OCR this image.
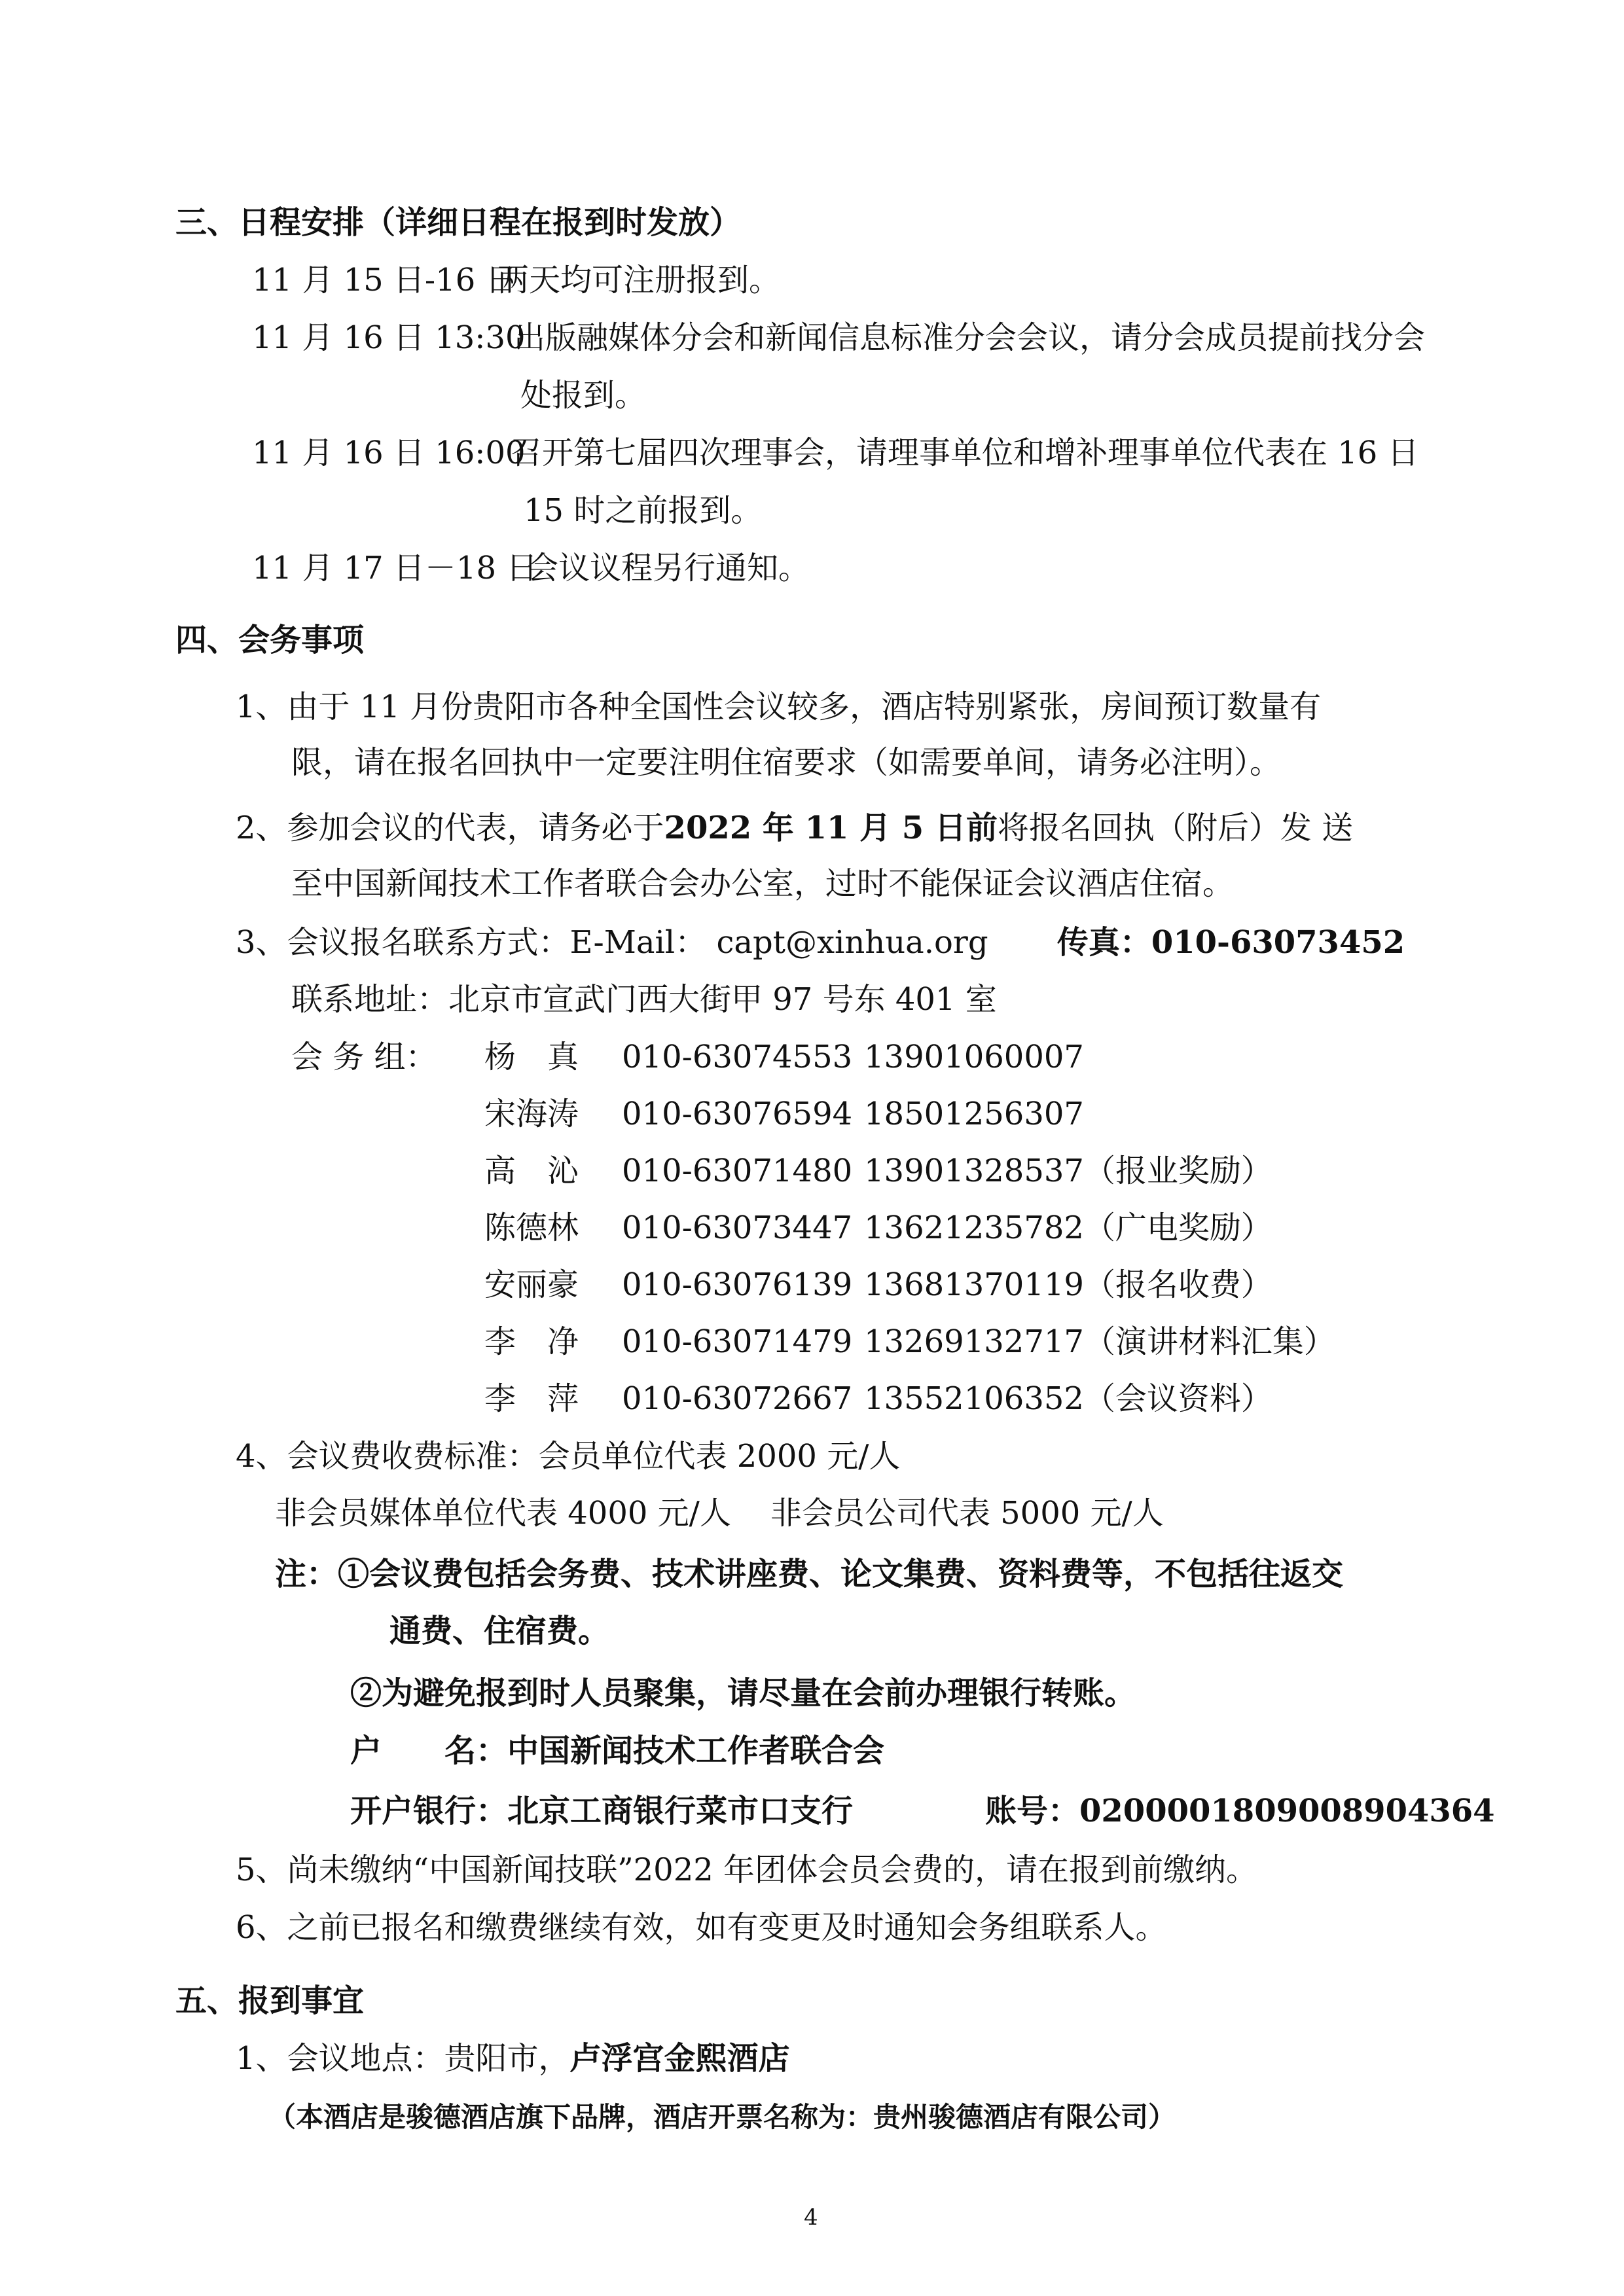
三、日程安排（详细日程在报到时发放）
11 月 15 日-16 日两天均可注册报到。
11 月 16 日 13:30出版融媒体分会和新闻信息标准分会会议，请分会成员提前找分会
处报到。
11 月 16 日 16:00召开第七届四次理事会，请理事单位和增补理事单位代表在 16 日
15 时之前报到。
11 月 17 日－18 日会议议程另行通知。
四、会务事项
1、由于 11 月份贵阳市各种全国性会议较多，酒店特别紧张，房间预订数量有
限，请在报名回执中一定要注明住宿要求（如需要单间，请务必注明）。
2、参加会议的代表，请务必于2022 年 11 月 5 日前将报名回执（附后）发 送
至中国新闻技术工作者联合会办公室，过时不能保证会议酒店住宿。
3、会议报名联系方式：E-Mail： capt@xinhua.org 传真：010-63073452
联系地址：北京市宣武门西大街甲 97 号东 401 室
会 务 组： 杨　真 010-63074553 13901060007
宋海涛 010-63076594 18501256307
高　沁 010-63071480 13901328537（报业奖励）
陈德林 010-63073447 13621235782（广电奖励）
安丽豪 010-63076139 13681370119（报名收费）
李　净 010-63071479 13269132717（演讲材料汇集）
李　萍 010-63072667 13552106352（会议资料）
4、会议费收费标准：会员单位代表 2000 元/人
非会员媒体单位代表 4000 元/人 非会员公司代表 5000 元/人
注：①会议费包括会务费、技术讲座费、论文集费、资料费等，不包括往返交
通费、住宿费。
②为避免报到时人员聚集，请尽量在会前办理银行转账。
户　　名：中国新闻技术工作者联合会
开户银行：北京工商银行菜市口支行	账号：0200001809008904364
5、尚未缴纳“中国新闻技联”2022 年团体会员会费的，请在报到前缴纳。
6、之前已报名和缴费继续有效，如有变更及时通知会务组联系人。
五、报到事宜
1、会议地点：贵阳市，卢浮宫金熙酒店
（本酒店是骏德酒店旗下品牌，酒店开票名称为：贵州骏德酒店有限公司）
4
